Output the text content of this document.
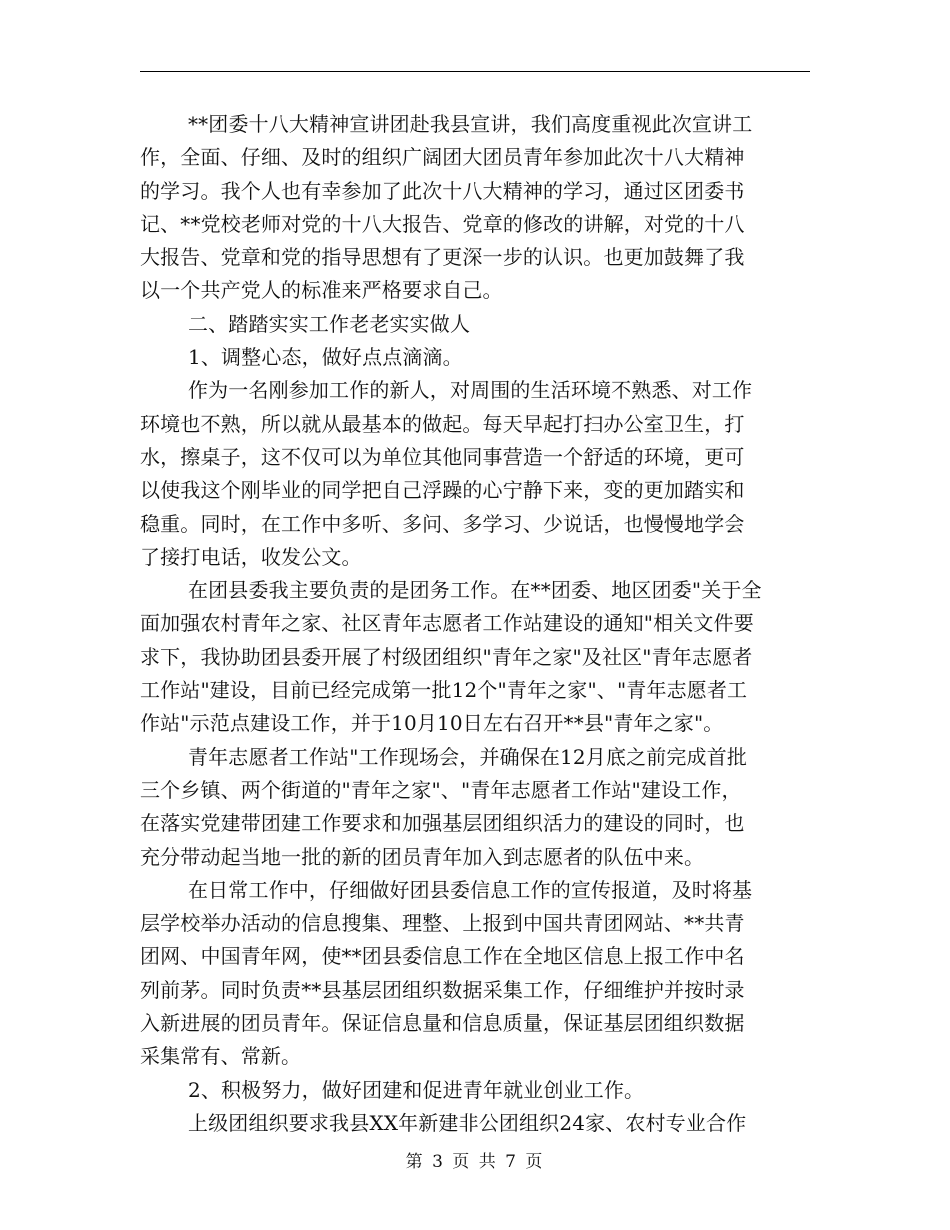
**团委十八大精神宣讲团赴我县宣讲，我们高度重视此次宣讲工
作，全面、仔细、及时的组织广阔团大团员青年参加此次十八大精神
的学习。我个人也有幸参加了此次十八大精神的学习，通过区团委书
记、**党校老师对党的十八大报告、党章的修改的讲解，对党的十八
大报告、党章和党的指导思想有了更深一步的认识。也更加鼓舞了我
以一个共产党人的标准来严格要求自己。
二、踏踏实实工作老老实实做人
1、调整心态，做好点点滴滴。
作为一名刚参加工作的新人，对周围的生活环境不熟悉、对工作
环境也不熟，所以就从最基本的做起。每天早起打扫办公室卫生，打
水，擦桌子，这不仅可以为单位其他同事营造一个舒适的环境，更可
以使我这个刚毕业的同学把自己浮躁的心宁静下来，变的更加踏实和
稳重。同时，在工作中多听、多问、多学习、少说话，也慢慢地学会
了接打电话，收发公文。
在团县委我主要负责的是团务工作。在**团委、地区团委"关于全
面加强农村青年之家、社区青年志愿者工作站建设的通知"相关文件要
求下，我协助团县委开展了村级团组织"青年之家"及社区"青年志愿者
工作站"建设，目前已经完成第一批12个"青年之家"、"青年志愿者工
作站"示范点建设工作，并于10月10日左右召开**县"青年之家"。
青年志愿者工作站"工作现场会，并确保在12月底之前完成首批
三个乡镇、两个街道的"青年之家"、"青年志愿者工作站"建设工作，
在落实党建带团建工作要求和加强基层团组织活力的建设的同时，也
充分带动起当地一批的新的团员青年加入到志愿者的队伍中来。
在日常工作中，仔细做好团县委信息工作的宣传报道，及时将基
层学校举办活动的信息搜集、理整、上报到中国共青团网站、**共青
团网、中国青年网，使**团县委信息工作在全地区信息上报工作中名
列前茅。同时负责**县基层团组织数据采集工作，仔细维护并按时录
入新进展的团员青年。保证信息量和信息质量，保证基层团组织数据
采集常有、常新。
2、积极努力，做好团建和促进青年就业创业工作。
上级团组织要求我县XX年新建非公团组织24家、农村专业合作
第 3 页 共 7 页
